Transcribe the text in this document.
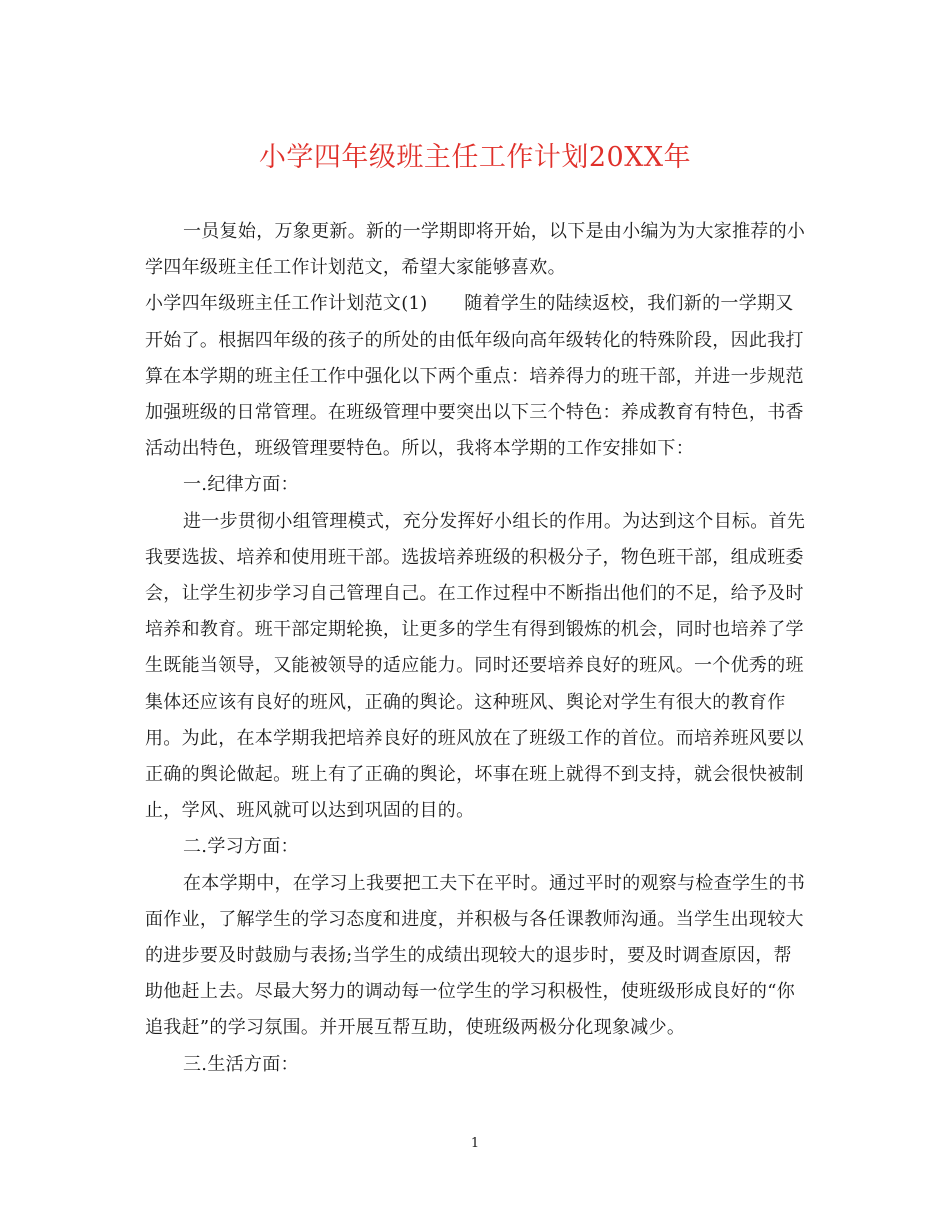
小学四年级班主任工作计划20XX年

一员复始，万象更新。新的一学期即将开始，以下是由小编为为大家推荐的小学四年级班主任工作计划范文，希望大家能够喜欢。

小学四年级班主任工作计划范文(1)　　随着学生的陆续返校，我们新的一学期又开始了。根据四年级的孩子的所处的由低年级向高年级转化的特殊阶段，因此我打算在本学期的班主任工作中强化以下两个重点：培养得力的班干部，并进一步规范加强班级的日常管理。在班级管理中要突出以下三个特色：养成教育有特色，书香活动出特色，班级管理要特色。所以，我将本学期的工作安排如下：

一.纪律方面：

进一步贯彻小组管理模式，充分发挥好小组长的作用。为达到这个目标。首先我要选拔、培养和使用班干部。选拔培养班级的积极分子，物色班干部，组成班委会，让学生初步学习自己管理自己。在工作过程中不断指出他们的不足，给予及时培养和教育。班干部定期轮换，让更多的学生有得到锻炼的机会，同时也培养了学生既能当领导，又能被领导的适应能力。同时还要培养良好的班风。一个优秀的班集体还应该有良好的班风，正确的舆论。这种班风、舆论对学生有很大的教育作用。为此，在本学期我把培养良好的班风放在了班级工作的首位。而培养班风要以正确的舆论做起。班上有了正确的舆论，坏事在班上就得不到支持，就会很快被制止，学风、班风就可以达到巩固的目的。

二.学习方面：

在本学期中，在学习上我要把工夫下在平时。通过平时的观察与检查学生的书面作业，了解学生的学习态度和进度，并积极与各任课教师沟通。当学生出现较大的进步要及时鼓励与表扬;当学生的成绩出现较大的退步时，要及时调查原因，帮助他赶上去。尽最大努力的调动每一位学生的学习积极性，使班级形成良好的“你追我赶”的学习氛围。并开展互帮互助，使班级两极分化现象减少。

三.生活方面：

1
